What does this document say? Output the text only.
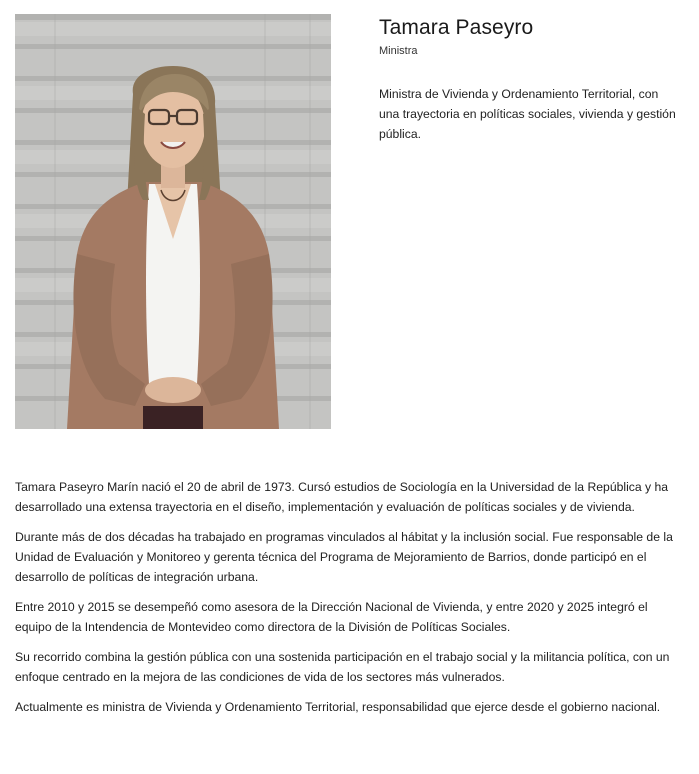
Tamara Paseyro
Ministra

Ministra de Vivienda y Ordenamiento Territorial, con una trayectoria en políticas sociales, vivienda y gestión pública.

Tamara Paseyro Marín nació el 20 de abril de 1973. Cursó estudios de Sociología en la Universidad de la República y ha desarrollado una extensa trayectoria en el diseño, implementación y evaluación de políticas sociales y de vivienda.

Durante más de dos décadas ha trabajado en programas vinculados al hábitat y la inclusión social. Fue responsable de la Unidad de Evaluación y Monitoreo y gerenta técnica del Programa de Mejoramiento de Barrios, donde participó en el desarrollo de políticas de integración urbana.

Entre 2010 y 2015 se desempeñó como asesora de la Dirección Nacional de Vivienda, y entre 2020 y 2025 integró el equipo de la Intendencia de Montevideo como directora de la División de Políticas Sociales.

Su recorrido combina la gestión pública con una sostenida participación en el trabajo social y la militancia política, con un enfoque centrado en la mejora de las condiciones de vida de los sectores más vulnerados.

Actualmente es ministra de Vivienda y Ordenamiento Territorial, responsabilidad que ejerce desde el gobierno nacional.
